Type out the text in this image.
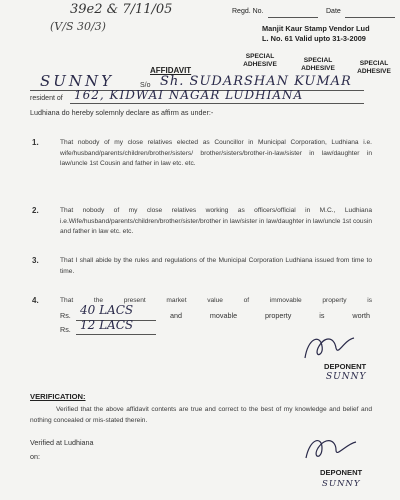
39e2 & 7/11/05
(V/S 30/3)
Regd. No.	Date
Manjit Kaur Stamp Vendor Lud
L. No. 61 Valid upto 31-3-2009
SPECIAL ADHESIVE
SPECIAL ADHESIVE
SPECIAL ADHESIVE
AFFIDAVIT
SUNNY	S/o Sh. SUDARSHAN KUMAR
resident of 162, KIDWAI NAGAR LUDHIANA
Ludhiana do hereby solemnly declare as affirm as under:-
1.	That nobody of my close relatives elected as Councillor in Municipal Corporation, Ludhiana i.e. wife/husband/parents/children/brother/sisters/ brother/sisters/brother-in-law/sister in law/daughter in law/uncle 1st Cousin and father in law etc. etc.
2.	That nobody of my close relatives working as officers/official in M.C., Ludhiana i.e.Wife/husband/parents/children/brother/sister/brother in law/sister in law/daughter in law/uncle 1st cousin and father in law etc. etc.
3.	That I shall abide by the rules and regulations of the Municipal Corporation Ludhiana issued from time to time.
4.	That the present market value of immovable property is
Rs. 40 LACS	and movable property is worth
Rs. 12 LACS
DEPONENT
SUNNY
VERIFICATION:
Verified that the above affidavit contents are true and correct to the best of my knowledge and belief and nothing concealed or mis-stated therein.
Verified at Ludhiana
on:
DEPONENT
SUNNY
